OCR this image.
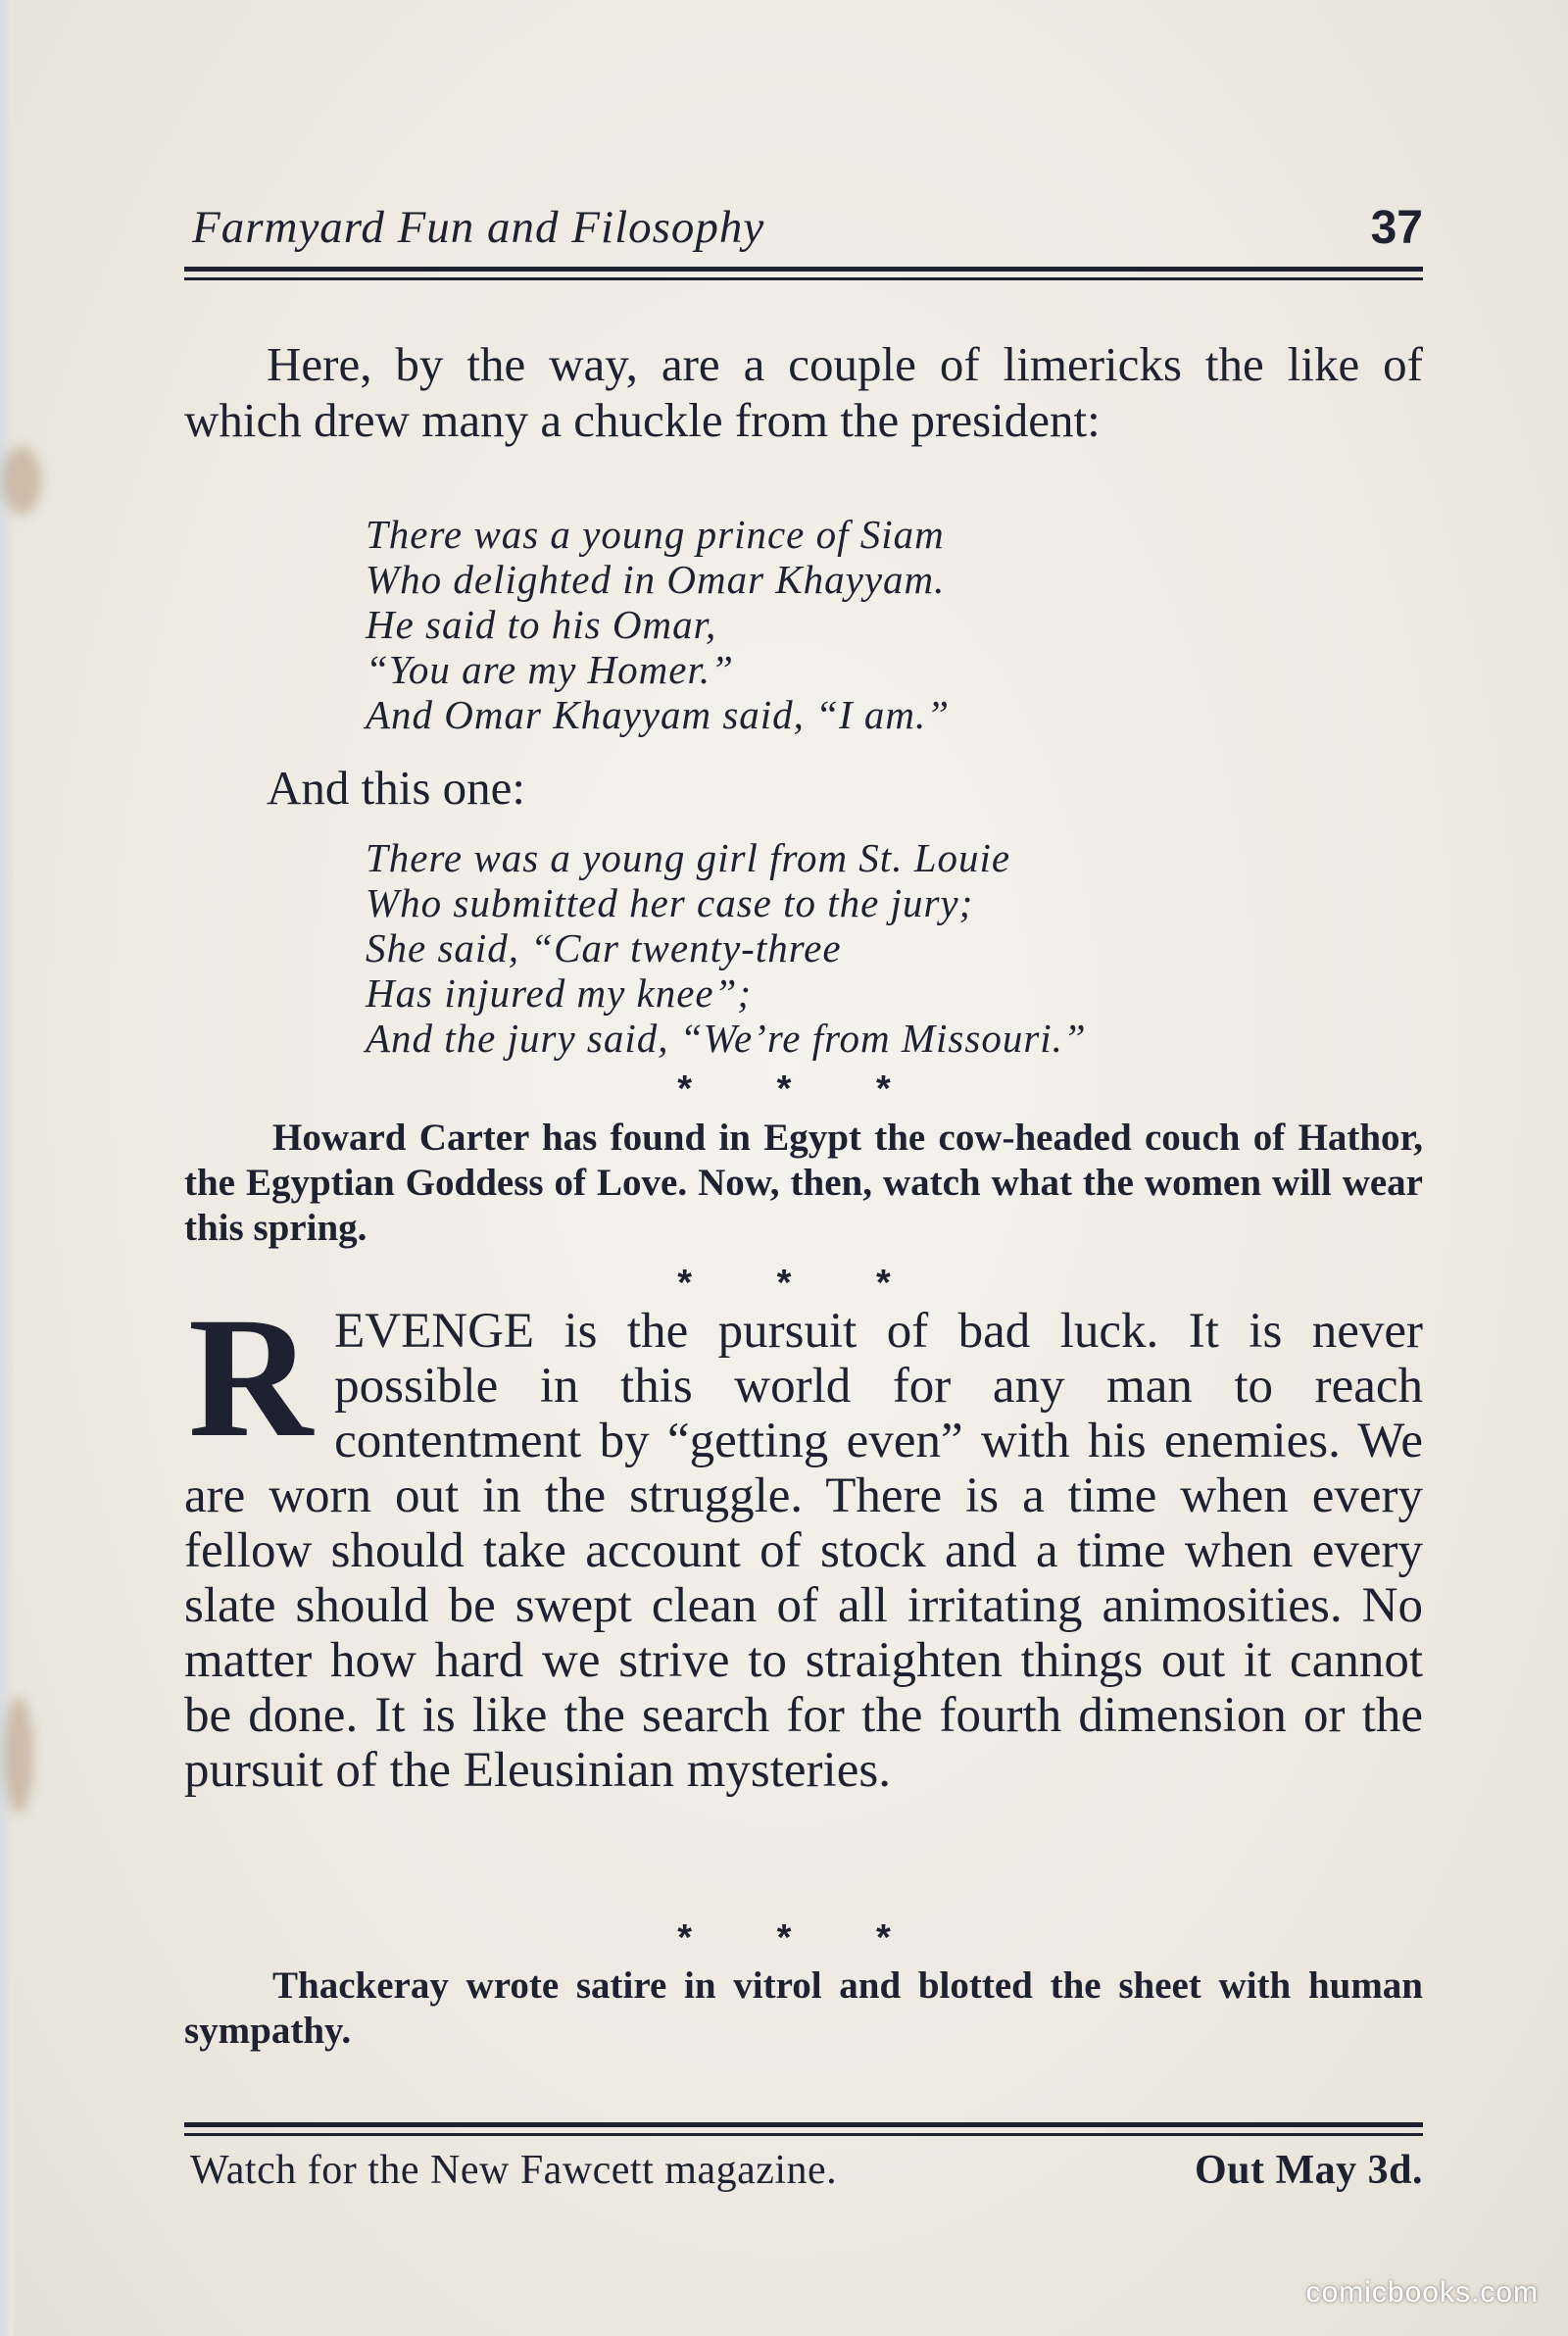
Farmyard Fun and Filosophy	37

Here, by the way, are a couple of limericks the like of which drew many a chuckle from the president:

There was a young prince of Siam
Who delighted in Omar Khayyam.
He said to his Omar,
“You are my Homer.”
And Omar Khayyam said, “I am.”
And this one:
There was a young girl from St. Louie
Who submitted her case to the jury;
She said, “Car twenty-three
Has injured my knee”;
And the jury said, “We’re from Missouri.”
* * *

Howard Carter has found in Egypt the cow-headed couch of Hathor, the Egyptian Goddess of Love. Now, then, watch what the women will wear this spring.

* * *

REVENGE is the pursuit of bad luck. It is never possible in this world for any man to reach contentment by “getting even” with his enemies. We are worn out in the struggle. There is a time when every fellow should take account of stock and a time when every slate should be swept clean of all irritating animosities. No matter how hard we strive to straighten things out it cannot be done. It is like the search for the fourth dimension or the pursuit of the Eleusinian mysteries.

* * *

Thackeray wrote satire in vitrol and blotted the sheet with human sympathy.

Watch for the New Fawcett magazine.	Out May 3d.
comicbooks.com
